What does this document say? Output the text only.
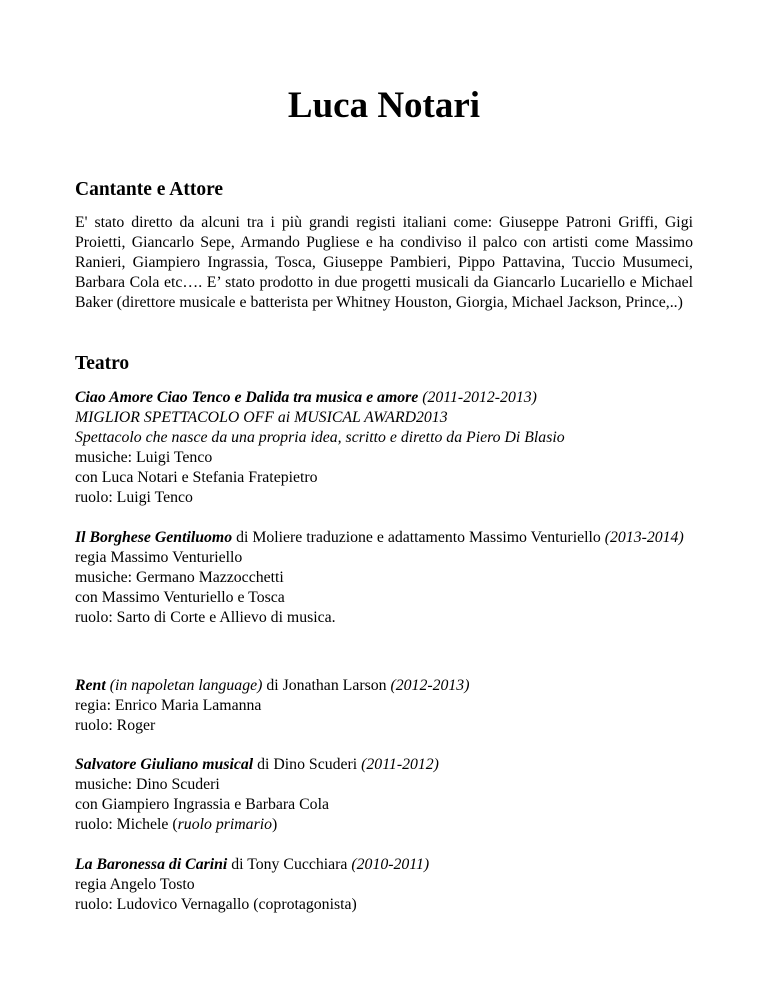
Luca Notari
Cantante e Attore

E' stato diretto da alcuni tra i più grandi registi italiani come: Giuseppe Patroni Griffi, Gigi Proietti, Giancarlo Sepe, Armando Pugliese e ha condiviso il palco con artisti come Massimo Ranieri, Giampiero Ingrassia, Tosca, Giuseppe Pambieri, Pippo Pattavina, Tuccio Musumeci, Barbara Cola etc…. E’ stato prodotto in due progetti musicali da Giancarlo Lucariello e Michael Baker (direttore musicale e batterista per Whitney Houston, Giorgia, Michael Jackson, Prince,..)

Teatro
Ciao Amore Ciao Tenco e Dalida tra musica e amore (2011-2012-2013)
MIGLIOR SPETTACOLO OFF ai MUSICAL AWARD2013
Spettacolo che nasce da una propria idea, scritto e diretto da Piero Di Blasio
musiche: Luigi Tenco
con Luca Notari e Stefania Fratepietro
ruolo: Luigi Tenco
Il Borghese Gentiluomo di Moliere traduzione e adattamento Massimo Venturiello (2013-2014)
regia Massimo Venturiello
musiche: Germano Mazzocchetti
con Massimo Venturiello e Tosca
ruolo: Sarto di Corte e Allievo di musica.
Rent (in napoletan language) di Jonathan Larson (2012-2013)
regia: Enrico Maria Lamanna
ruolo: Roger
Salvatore Giuliano musical di Dino Scuderi (2011-2012)
musiche: Dino Scuderi
con Giampiero Ingrassia e Barbara Cola
ruolo: Michele (ruolo primario)
La Baronessa di Carini di Tony Cucchiara (2010-2011)
regia Angelo Tosto
ruolo: Ludovico Vernagallo (coprotagonista)
